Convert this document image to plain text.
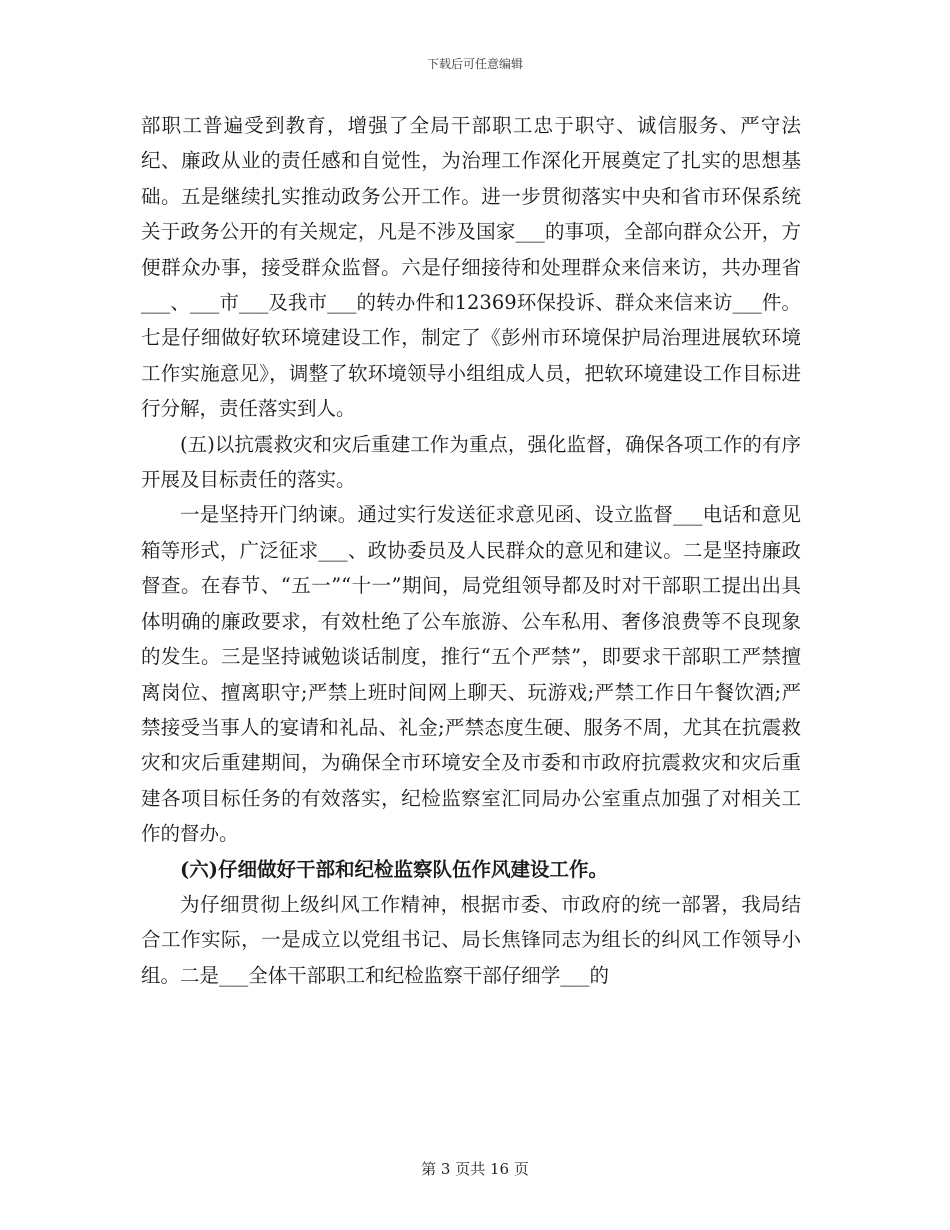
下载后可任意编辑

部职工普遍受到教育，增强了全局干部职工忠于职守、诚信服务、严守法纪、廉政从业的责任感和自觉性，为治理工作深化开展奠定了扎实的思想基础。五是继续扎实推动政务公开工作。进一步贯彻落实中央和省市环保系统关于政务公开的有关规定，凡是不涉及国家___的事项，全部向群众公开，方便群众办事，接受群众监督。六是仔细接待和处理群众来信来访，共办理省___、___市___及我市___的转办件和12369环保投诉、群众来信来访___件。七是仔细做好软环境建设工作，制定了《彭州市环境保护局治理进展软环境工作实施意见》，调整了软环境领导小组组成人员，把软环境建设工作目标进行分解，责任落实到人。

(五)以抗震救灾和灾后重建工作为重点，强化监督，确保各项工作的有序开展及目标责任的落实。

一是坚持开门纳谏。通过实行发送征求意见函、设立监督___电话和意见箱等形式，广泛征求___、政协委员及人民群众的意见和建议。二是坚持廉政督查。在春节、“五一”“十一”期间，局党组领导都及时对干部职工提出出具体明确的廉政要求，有效杜绝了公车旅游、公车私用、奢侈浪费等不良现象的发生。三是坚持诫勉谈话制度，推行“五个严禁”，即要求干部职工严禁擅离岗位、擅离职守;严禁上班时间网上聊天、玩游戏;严禁工作日午餐饮酒;严禁接受当事人的宴请和礼品、礼金;严禁态度生硬、服务不周，尤其在抗震救灾和灾后重建期间，为确保全市环境安全及市委和市政府抗震救灾和灾后重建各项目标任务的有效落实，纪检监察室汇同局办公室重点加强了对相关工作的督办。

(六)仔细做好干部和纪检监察队伍作风建设工作。

为仔细贯彻上级纠风工作精神，根据市委、市政府的统一部署，我局结合工作实际，一是成立以党组书记、局长焦锋同志为组长的纠风工作领导小组。二是___全体干部职工和纪检监察干部仔细学___的

第 3 页共 16 页
